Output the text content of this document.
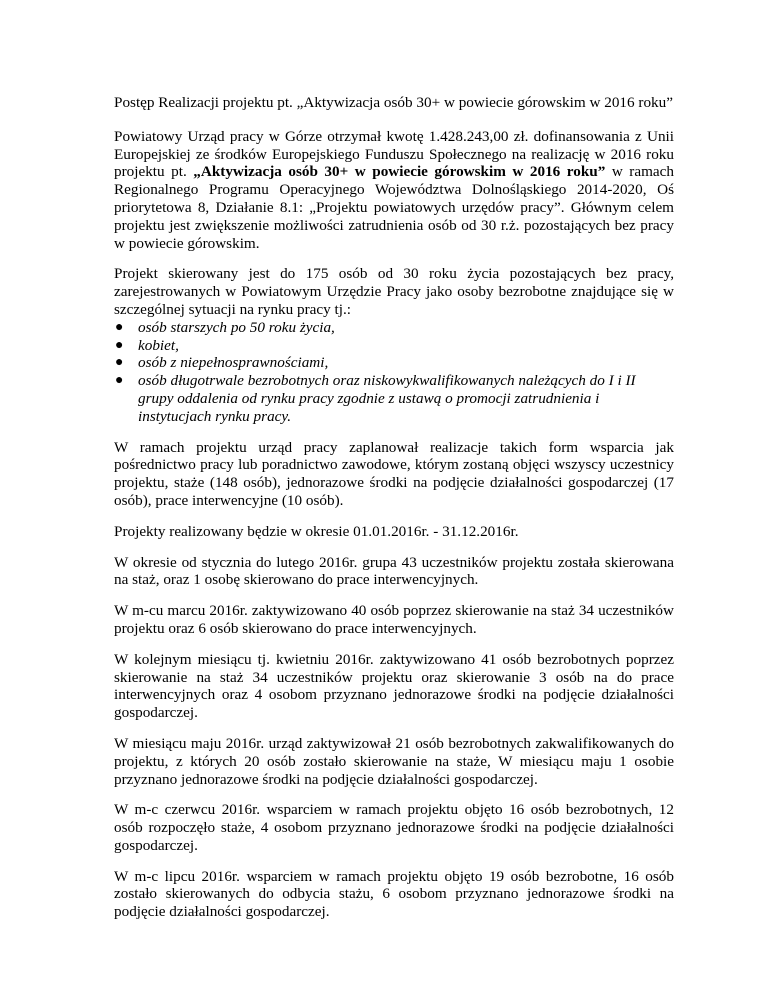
Postęp Realizacji projektu pt. „Aktywizacja osób 30+ w powiecie górowskim w 2016 roku”

Powiatowy Urząd pracy w Górze otrzymał kwotę 1.428.243,00 zł. dofinansowania z Unii Europejskiej ze środków Europejskiego Funduszu Społecznego na realizację w 2016 roku projektu pt. „Aktywizacja osób 30+ w powiecie górowskim w 2016 roku” w ramach Regionalnego Programu Operacyjnego Województwa Dolnośląskiego 2014-2020, Oś priorytetowa 8, Działanie 8.1: „Projektu powiatowych urzędów pracy”. Głównym celem projektu jest zwiększenie możliwości zatrudnienia osób od 30 r.ż. pozostających bez pracy w powiecie górowskim.

Projekt skierowany jest do 175 osób od 30 roku życia pozostających bez pracy, zarejestrowanych w Powiatowym Urzędzie Pracy jako osoby bezrobotne znajdujące się w szczególnej sytuacji na rynku pracy tj.:

● osób starszych po 50 roku życia,
● kobiet,
● osób z niepełnosprawnościami,
● osób długotrwale bezrobotnych oraz niskowykwalifikowanych należących do I i II grupy oddalenia od rynku pracy zgodnie z ustawą o promocji zatrudnienia i instytucjach rynku pracy.

W ramach projektu urząd pracy zaplanował realizacje takich form wsparcia jak pośrednictwo pracy lub poradnictwo zawodowe, którym zostaną objęci wszyscy uczestnicy projektu, staże (148 osób), jednorazowe środki na podjęcie działalności gospodarczej (17 osób), prace interwencyjne (10 osób).

Projekty realizowany będzie w okresie 01.01.2016r. - 31.12.2016r.

W okresie od stycznia do lutego 2016r. grupa 43 uczestników projektu została skierowana na staż, oraz 1 osobę skierowano do prace interwencyjnych.

W m-cu marcu 2016r. zaktywizowano 40 osób poprzez skierowanie na staż 34 uczestników projektu oraz 6 osób skierowano do prace interwencyjnych.

W kolejnym miesiącu tj. kwietniu 2016r. zaktywizowano 41 osób bezrobotnych poprzez skierowanie na staż 34 uczestników projektu oraz skierowanie 3 osób na do prace interwencyjnych oraz 4 osobom przyznano jednorazowe środki na podjęcie działalności gospodarczej.

W miesiącu maju 2016r. urząd zaktywizował 21 osób bezrobotnych zakwalifikowanych do projektu, z których 20 osób zostało skierowanie na staże, W miesiącu maju 1 osobie przyznano jednorazowe środki na podjęcie działalności gospodarczej.

W m-c czerwcu 2016r. wsparciem w ramach projektu objęto 16 osób bezrobotnych, 12 osób rozpoczęło staże, 4 osobom przyznano jednorazowe środki na podjęcie działalności gospodarczej.

W m-c lipcu 2016r. wsparciem w ramach projektu objęto 19 osób bezrobotne, 16 osób zostało skierowanych do odbycia stażu, 6 osobom przyznano jednorazowe środki na podjęcie działalności gospodarczej.
